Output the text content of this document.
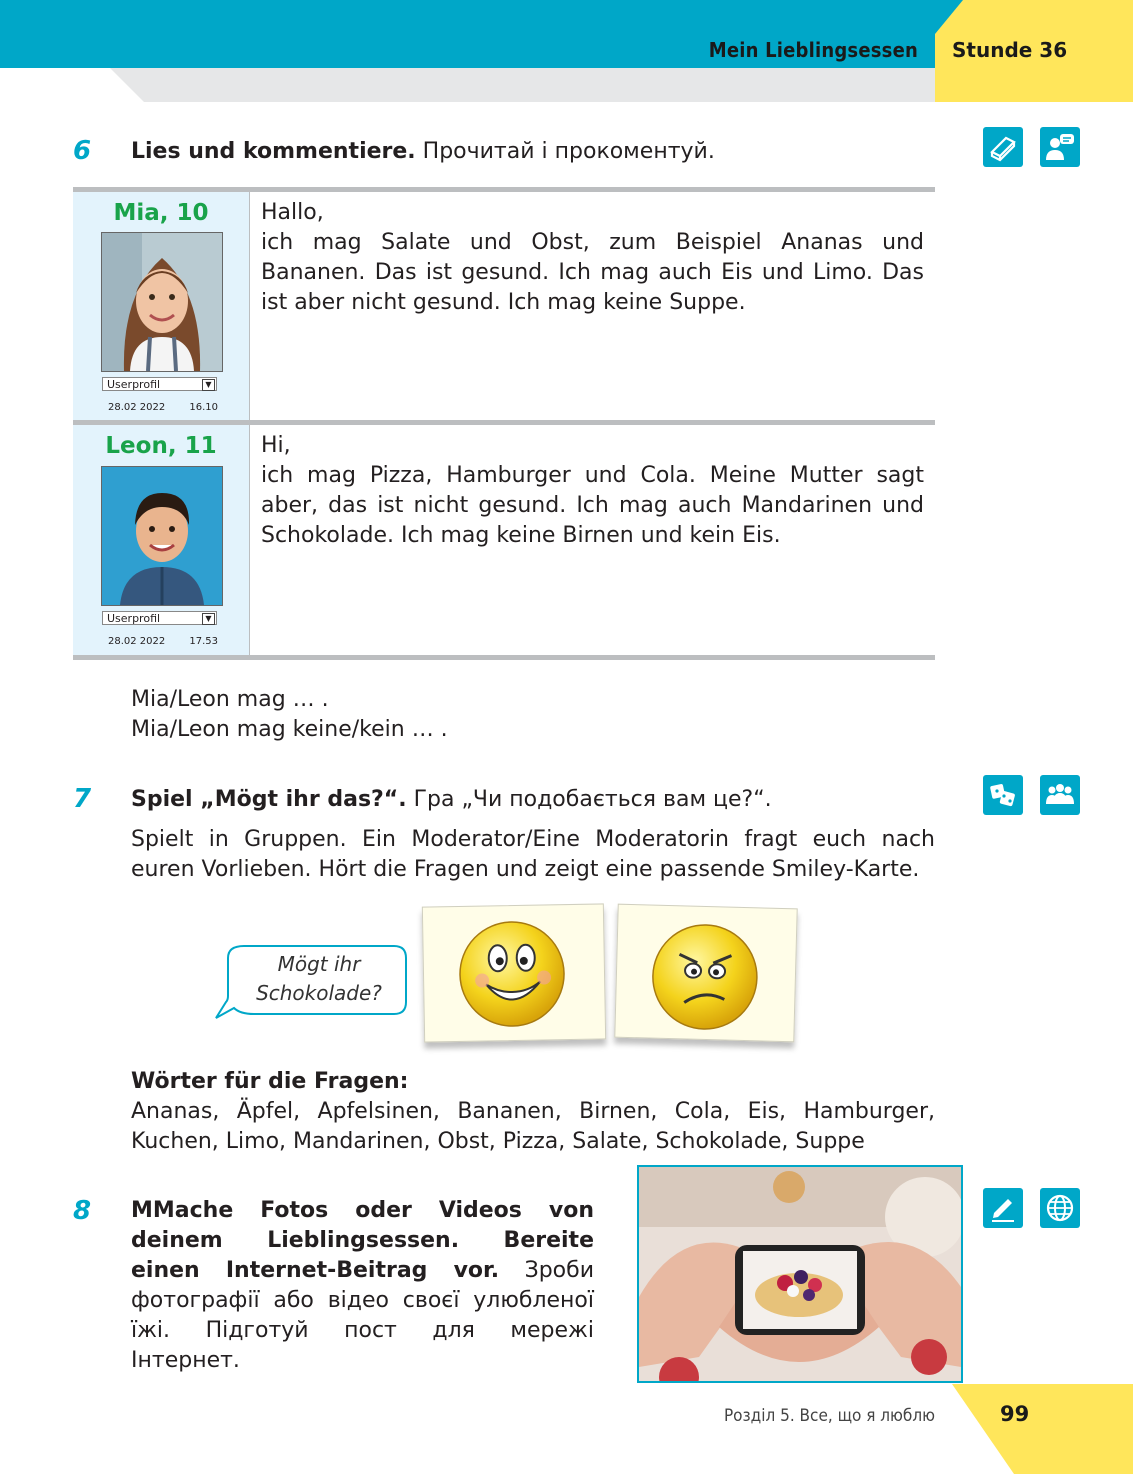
Mein Lieblingsessen Stunde 36
6 Lies und kommentiere. Прочитай і прокоментуй.
Mia, 10
Userprofil	▼
28.02 2022 16.10
Hallo,
ich mag Salate und Obst, zum Beispiel Ananas und Bananen. Das ist gesund. Ich mag auch Eis und Limo. Das ist aber nicht gesund. Ich mag keine Suppe.
Leon, 11
Userprofil	▼
28.02 2022 17.53
Hi,
ich mag Pizza, Hamburger und Cola. Meine Mutter sagt aber, das ist nicht gesund. Ich mag auch Mandarinen und Schokolade. Ich mag keine Birnen und kein Eis.
Mia/Leon mag … .
Mia/Leon mag keine/kein … .
7 Spiel „Mögt ihr das?“. Гра „Чи подобається вам це?“.
Spielt in Gruppen. Ein Moderator/Eine Moderatorin fragt euch nach euren Vorlieben. Hört die Fragen und zeigt eine passende Smiley-Karte.
Mögt ihr
Schokolade?
Wörter für die Fragen:
Ananas, Äpfel, Apfelsinen, Bananen, Birnen, Cola, Eis, Hamburger, Kuchen, Limo, Mandarinen, Obst, Pizza, Salate, Schokolade, Suppe
8 MMache Fotos oder Videos von deinem Lieblingsessen. Bereite einen Internet-Beitrag vor. Зроби фотографії або відео своєї улюбленої їжі. Підготуй пост для мережі Інтернет.
Розділ 5. Все, що я люблю	99
